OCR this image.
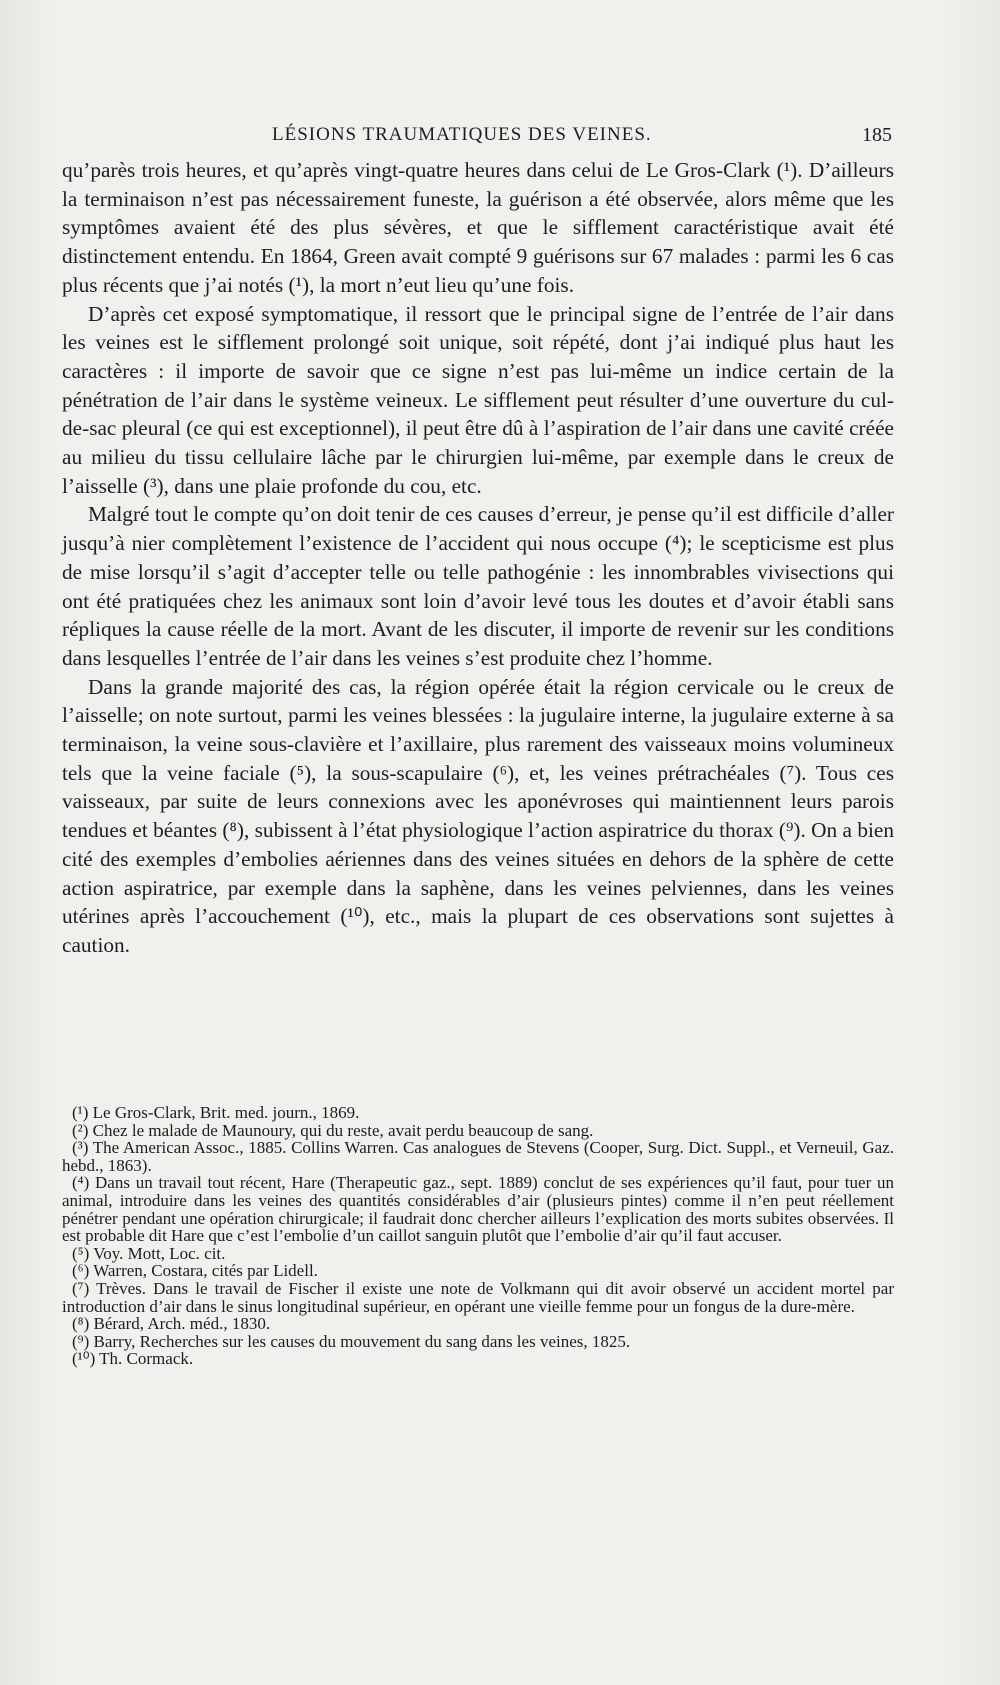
LÉSIONS TRAUMATIQUES DES VEINES.	185

qu’parès trois heures, et qu’après vingt-quatre heures dans celui de Le Gros-Clark (¹). D’ailleurs la terminaison n’est pas nécessairement funeste, la guérison a été observée, alors même que les symptômes avaient été des plus sévères, et que le sifflement caractéristique avait été distinctement entendu. En 1864, Green avait compté 9 guérisons sur 67 malades : parmi les 6 cas plus récents que j’ai notés (¹), la mort n’eut lieu qu’une fois.

D’après cet exposé symptomatique, il ressort que le principal signe de l’entrée de l’air dans les veines est le sifflement prolongé soit unique, soit répété, dont j’ai indiqué plus haut les caractères : il importe de savoir que ce signe n’est pas lui-même un indice certain de la pénétration de l’air dans le système veineux. Le sifflement peut résulter d’une ouverture du cul-de-sac pleural (ce qui est exceptionnel), il peut être dû à l’aspiration de l’air dans une cavité créée au milieu du tissu cellulaire lâche par le chirurgien lui-même, par exemple dans le creux de l’aisselle (³), dans une plaie profonde du cou, etc.

Malgré tout le compte qu’on doit tenir de ces causes d’erreur, je pense qu’il est difficile d’aller jusqu’à nier complètement l’existence de l’accident qui nous occupe (⁴); le scepticisme est plus de mise lorsqu’il s’agit d’accepter telle ou telle pathogénie : les innombrables vivisections qui ont été pratiquées chez les animaux sont loin d’avoir levé tous les doutes et d’avoir établi sans répliques la cause réelle de la mort. Avant de les discuter, il importe de revenir sur les conditions dans lesquelles l’entrée de l’air dans les veines s’est produite chez l’homme.

Dans la grande majorité des cas, la région opérée était la région cervicale ou le creux de l’aisselle; on note surtout, parmi les veines blessées : la jugulaire interne, la jugulaire externe à sa terminaison, la veine sous-clavière et l’axillaire, plus rarement des vaisseaux moins volumineux tels que la veine faciale (⁵), la sous-scapulaire (⁶), et, les veines prétrachéales (⁷). Tous ces vaisseaux, par suite de leurs connexions avec les aponévroses qui maintiennent leurs parois tendues et béantes (⁸), subissent à l’état physiologique l’action aspiratrice du thorax (⁹). On a bien cité des exemples d’embolies aériennes dans des veines situées en dehors de la sphère de cette action aspiratrice, par exemple dans la saphène, dans les veines pelviennes, dans les veines utérines après l’accouchement (¹⁰), etc., mais la plupart de ces observations sont sujettes à caution.

(¹) Le Gros-Clark, Brit. med. journ., 1869.

(²) Chez le malade de Maunoury, qui du reste, avait perdu beaucoup de sang.

(³) The American Assoc., 1885. Collins Warren. Cas analogues de Stevens (Cooper, Surg. Dict. Suppl., et Verneuil, Gaz. hebd., 1863).

(⁴) Dans un travail tout récent, Hare (Therapeutic gaz., sept. 1889) conclut de ses expériences qu’il faut, pour tuer un animal, introduire dans les veines des quantités considérables d’air (plusieurs pintes) comme il n’en peut réellement pénétrer pendant une opération chirurgicale; il faudrait donc chercher ailleurs l’explication des morts subites observées. Il est probable dit Hare que c’est l’embolie d’un caillot sanguin plutôt que l’embolie d’air qu’il faut accuser.

(⁵) Voy. Mott, Loc. cit.

(⁶) Warren, Costara, cités par Lidell.

(⁷) Trèves. Dans le travail de Fischer il existe une note de Volkmann qui dit avoir observé un accident mortel par introduction d’air dans le sinus longitudinal supérieur, en opérant une vieille femme pour un fongus de la dure-mère.

(⁸) Bérard, Arch. méd., 1830.

(⁹) Barry, Recherches sur les causes du mouvement du sang dans les veines, 1825.

(¹⁰) Th. Cormack.
